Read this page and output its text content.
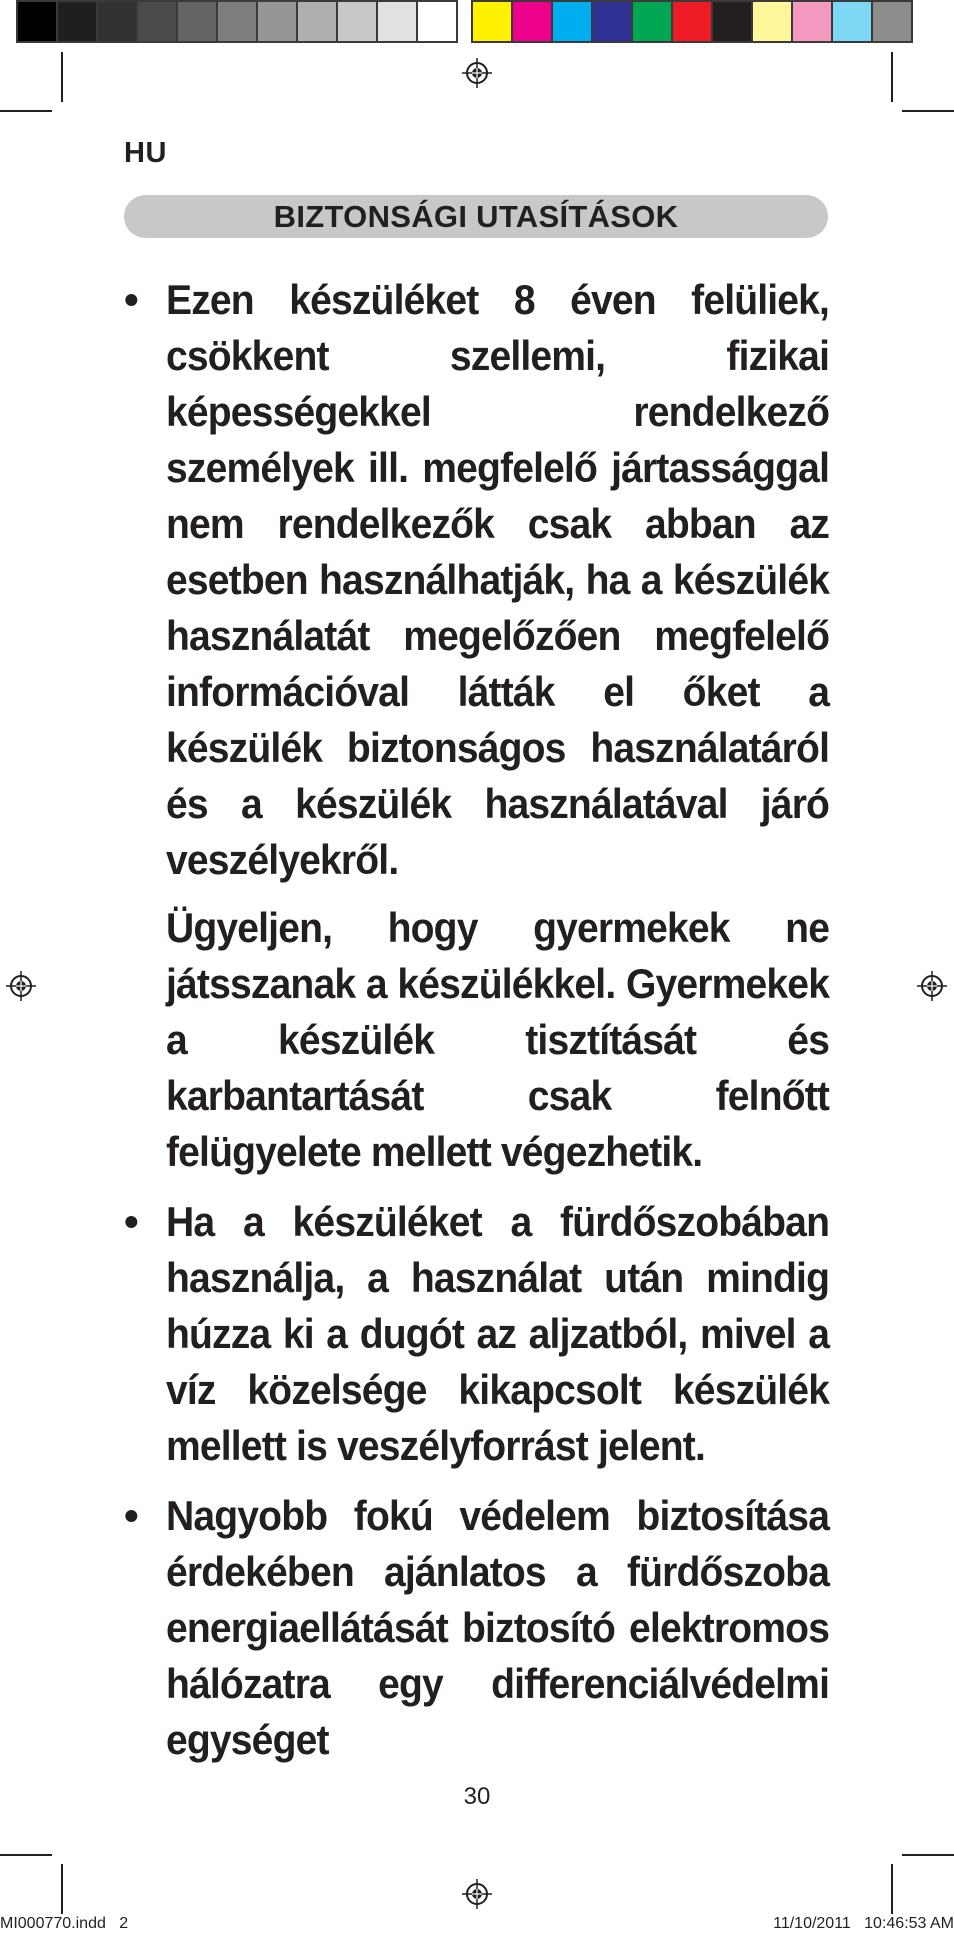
HU
BIZTONSÁGI UTASÍTÁSOK
• Ezen készüléket 8 éven felüliek, csökkent szellemi, fizikai képességekkel rendelkező személyek ill. megfelelő jártassággal nem rendelkezők csak abban az esetben használhatják, ha a készülék használatát megelőzően megfelelő információval látták el őket a készülék biztonságos használatáról és a készülék használatával járó veszélyekről.

Ügyeljen, hogy gyermekek ne játsszanak a készülékkel. Gyermekek a készülék tisztítását és karbantartását csak felnőtt felügyelete mellett végezhetik.

• Ha a készüléket a fürdőszobában használja, a használat után mindig húzza ki a dugót az aljzatból, mivel a víz közelsége kikapcsolt készülék mellett is veszélyforrást jelent.

• Nagyobb fokú védelem biztosítása érdekében ajánlatos a fürdőszoba energiaellátását biztosító elektromos hálózatra egy differenciálvédelmi egységet

30
MI000770.indd   2	11/10/2011   10:46:53 AM
